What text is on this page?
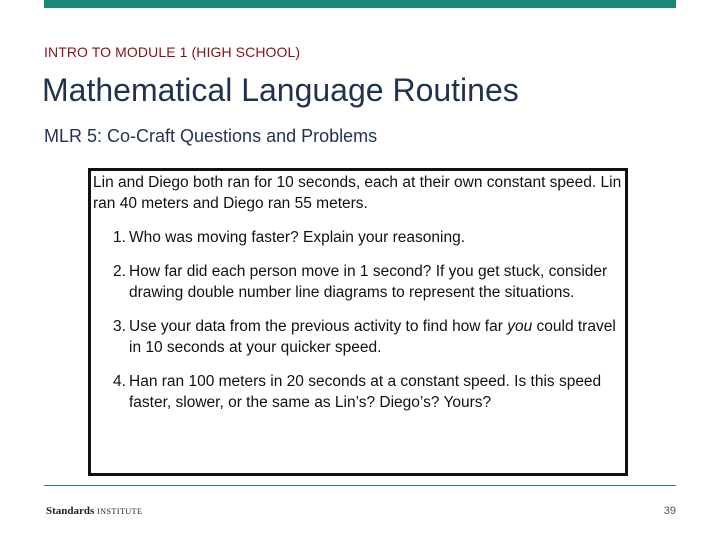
INTRO TO MODULE 1 (HIGH SCHOOL)
Mathematical Language Routines
MLR 5: Co-Craft Questions and Problems

Lin and Diego both ran for 10 seconds, each at their own constant speed. Lin ran 40 meters and Diego ran 55 meters.

1. Who was moving faster? Explain your reasoning.
2. How far did each person move in 1 second? If you get stuck, consider drawing double number line diagrams to represent the situations.
3. Use your data from the previous activity to find how far you could travel in 10 seconds at your quicker speed.
4. Han ran 100 meters in 20 seconds at a constant speed. Is this speed faster, slower, or the same as Lin’s? Diego’s? Yours?
Standards INSTITUTE	39
